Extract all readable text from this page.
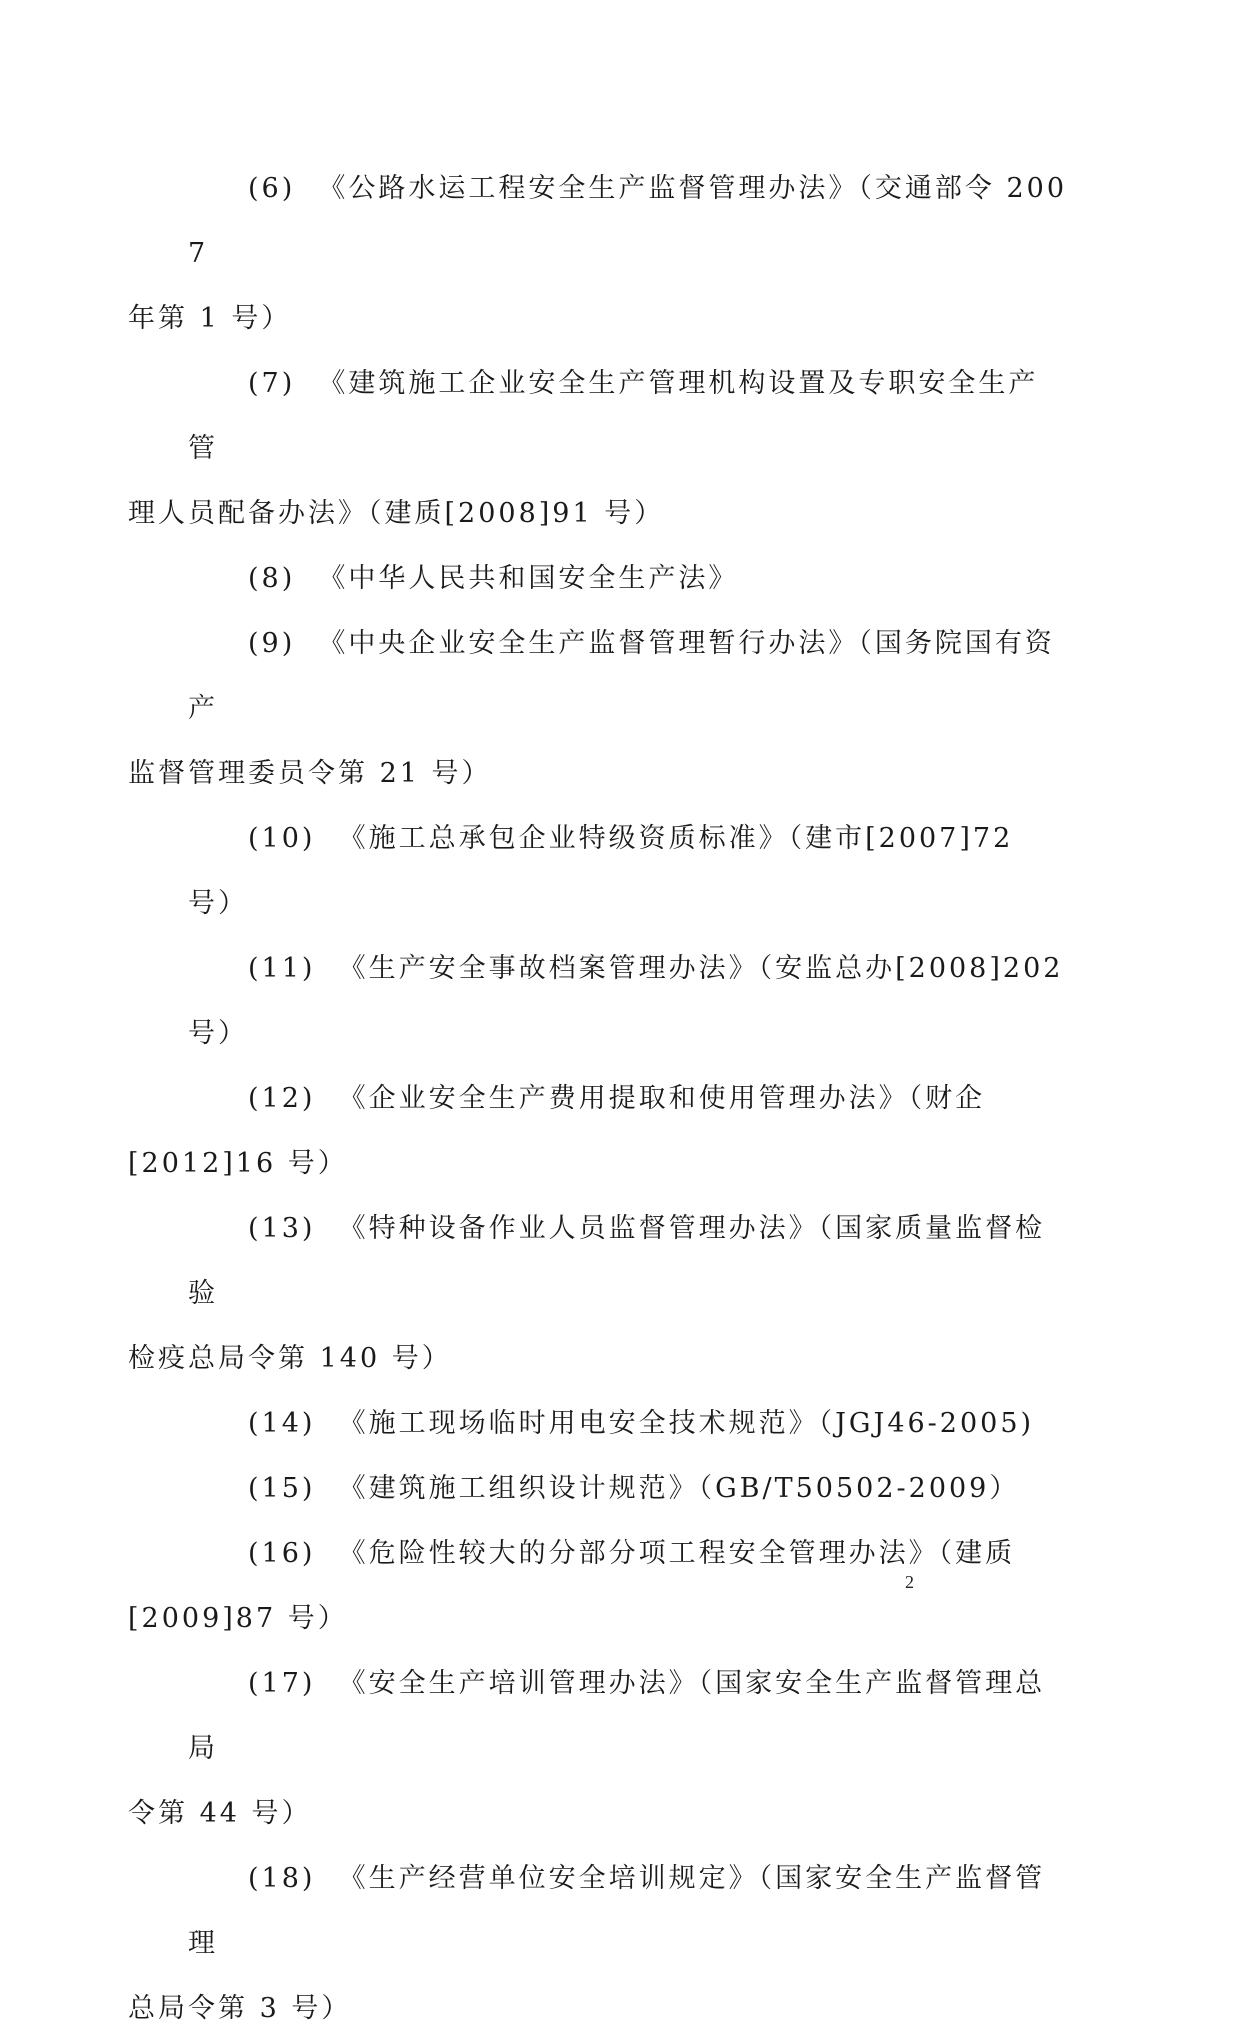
(6) 《公路水运工程安全生产监督管理办法》（交通部令 2007
年第 1 号）

(7) 《建筑施工企业安全生产管理机构设置及专职安全生产管
理人员配备办法》（建质[2008]91 号）

(8) 《中华人民共和国安全生产法》

(9) 《中央企业安全生产监督管理暂行办法》（国务院国有资产
监督管理委员令第 21 号）

(10) 《施工总承包企业特级资质标准》（建市[2007]72 号）

(11) 《生产安全事故档案管理办法》（安监总办[2008]202 号）

(12) 《企业安全生产费用提取和使用管理办法》（财企
[2012]16 号）

(13) 《特种设备作业人员监督管理办法》（国家质量监督检验
检疫总局令第 140 号）

(14) 《施工现场临时用电安全技术规范》（JGJ46-2005)

(15) 《建筑施工组织设计规范》（GB/T50502-2009）

(16) 《危险性较大的分部分项工程安全管理办法》（建质
[2009]87 号）

(17) 《安全生产培训管理办法》（国家安全生产监督管理总局
令第 44 号）

(18) 《生产经营单位安全培训规定》（国家安全生产监督管理
总局令第 3 号）

2
